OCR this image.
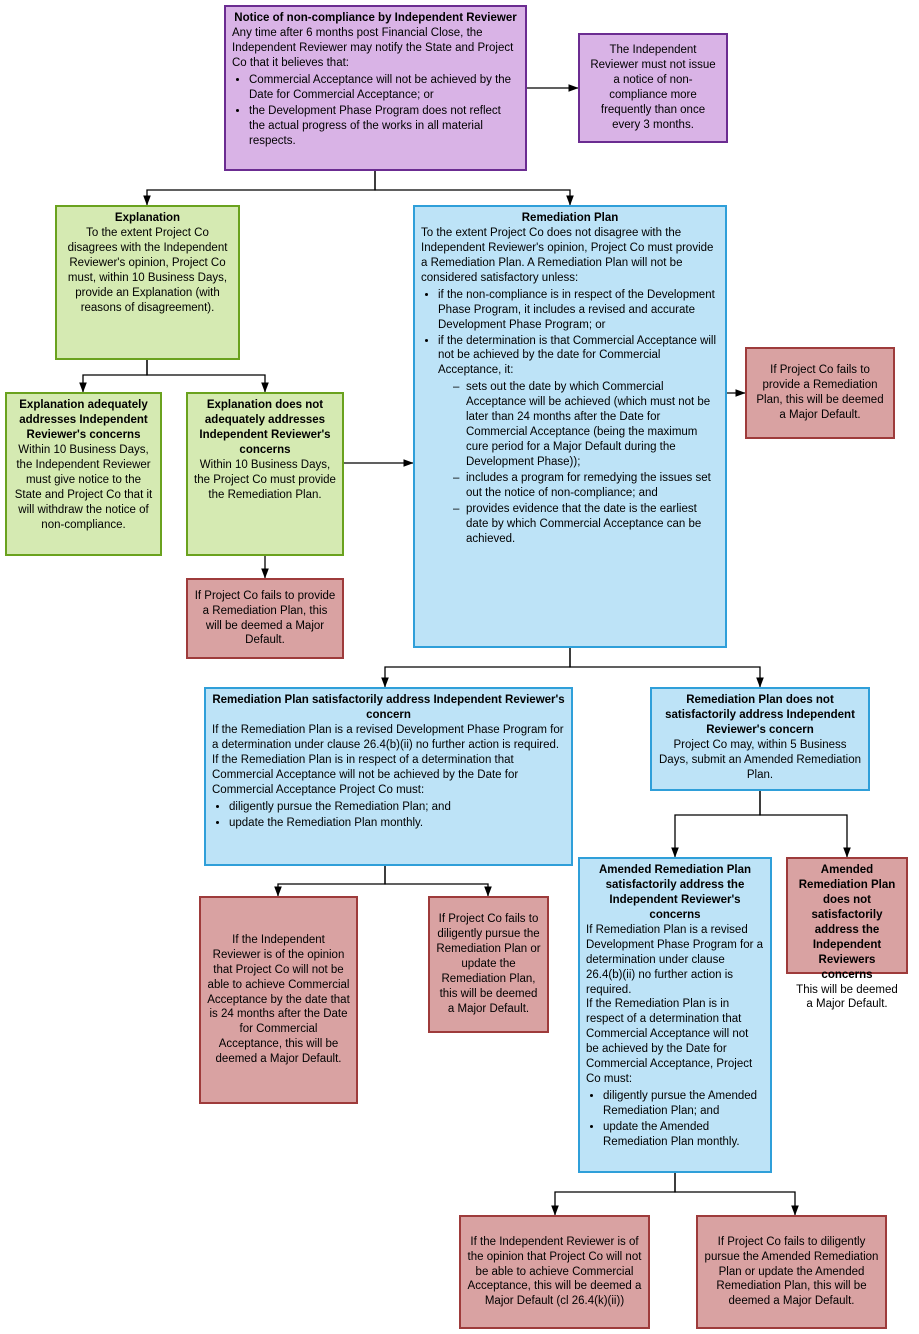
Notice of non-compliance by Independent Reviewer
Any time after 6 months post Financial Close, the Independent Reviewer may notify the State and Project Co that it believes that:
• Commercial Acceptance will not be achieved by the Date for Commercial Acceptance; or
• the Development Phase Program does not reflect the actual progress of the works in all material respects.
The Independent Reviewer must not issue a notice of non-compliance more frequently than once every 3 months.
Explanation
To the extent Project Co disagrees with the Independent Reviewer's opinion, Project Co must, within 10 Business Days, provide an Explanation (with reasons of disagreement).
Explanation adequately addresses Independent Reviewer's concerns
Within 10 Business Days, the Independent Reviewer must give notice to the State and Project Co that it will withdraw the notice of non-compliance.
Explanation does not adequately addresses Independent Reviewer's concerns
Within 10 Business Days, the Project Co must provide the Remediation Plan.
If Project Co fails to provide a Remediation Plan, this will be deemed a Major Default.
Remediation Plan
To the extent Project Co does not disagree with the Independent Reviewer's opinion, Project Co must provide a Remediation Plan. A Remediation Plan will not be considered satisfactory unless:
• if the non-compliance is in respect of the Development Phase Program, it includes a revised and accurate Development Phase Program; or
• if the determination is that Commercial Acceptance will not be achieved by the date for Commercial Acceptance, it:
– sets out the date by which Commercial Acceptance will be achieved (which must not be later than 24 months after the Date for Commercial Acceptance (being the maximum cure period for a Major Default during the Development Phase));
– includes a program for remedying the issues set out the notice of non-compliance; and
– provides evidence that the date is the earliest date by which Commercial Acceptance can be achieved.
If Project Co fails to provide a Remediation Plan, this will be deemed a Major Default.
Remediation Plan satisfactorily address Independent Reviewer's concern
If the Remediation Plan is a revised Development Phase Program for a determination under clause 26.4(b)(ii) no further action is required.
If the Remediation Plan is in respect of a determination that Commercial Acceptance will not be achieved by the Date for Commercial Acceptance Project Co must:
• diligently pursue the Remediation Plan; and
• update the Remediation Plan monthly.
Remediation Plan does not satisfactorily address Independent Reviewer's concern
Project Co may, within 5 Business Days, submit an Amended Remediation Plan.
If the Independent Reviewer is of the opinion that Project Co will not be able to achieve Commercial Acceptance by the date that is 24 months after the Date for Commercial Acceptance, this will be deemed a Major Default.
If Project Co fails to diligently pursue the Remediation Plan or update the Remediation Plan, this will be deemed a Major Default.
Amended Remediation Plan satisfactorily address the Independent Reviewer's concerns
If Remediation Plan is a revised Development Phase Program for a determination under clause 26.4(b)(ii) no further action is required.
If the Remediation Plan is in respect of a determination that Commercial Acceptance will not be achieved by the Date for Commercial Acceptance, Project Co must:
• diligently pursue the Amended Remediation Plan; and
• update the Amended Remediation Plan monthly.
Amended Remediation Plan does not satisfactorily address the Independent Reviewers concerns
This will be deemed a Major Default.
If the Independent Reviewer is of the opinion that Project Co will not be able to achieve Commercial Acceptance, this will be deemed a Major Default (cl 26.4(k)(ii))
If Project Co fails to diligently pursue the Amended Remediation Plan or update the Amended Remediation Plan, this will be deemed a Major Default.
